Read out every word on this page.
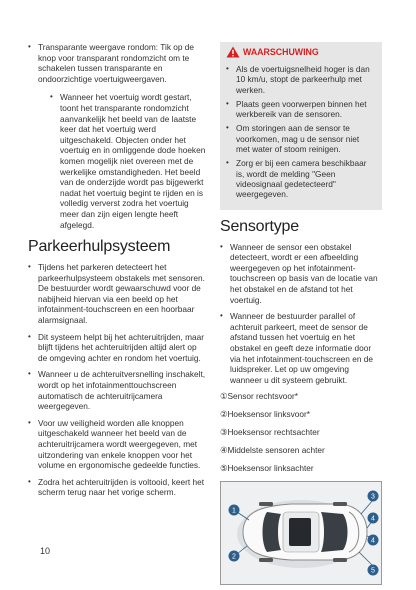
• Transparante weergave rondom: Tik op de knop voor transparant rondomzicht om te schakelen tussen transparante en ondoorzichtige voertuigweergaven.
• Wanneer het voertuig wordt gestart, toont het transparante rondomzicht aanvankelijk het beeld van de laatste keer dat het voertuig werd uitgeschakeld. Objecten onder het voertuig en in omliggende dode hoeken komen mogelijk niet overeen met de werkelijke omstandigheden. Het beeld van de onderzijde wordt pas bijgewerkt nadat het voertuig begint te rijden en is volledig ververst zodra het voertuig meer dan zijn eigen lengte heeft afgelegd.
Parkeerhulpsysteem
• Tijdens het parkeren detecteert het parkeerhulpsysteem obstakels met sensoren. De bestuurder wordt gewaarschuwd voor de nabijheid hiervan via een beeld op het infotainment-touchscreen en een hoorbaar alarmsignaal.
• Dit systeem helpt bij het achteruitrijden, maar blijft tijdens het achteruitrijden altijd alert op de omgeving achter en rondom het voertuig.
• Wanneer u de achteruitversnelling inschakelt, wordt op het infotainmenttouchscreen automatisch de achteruitrijcamera weergegeven.
• Voor uw veiligheid worden alle knoppen uitgeschakeld wanneer het beeld van de achteruitrijcamera wordt weergegeven, met uitzondering van enkele knoppen voor het volume en ergonomische gedeelde functies.
• Zodra het achteruitrijden is voltooid, keert het scherm terug naar het vorige scherm.
WAARSCHUWING
• Als de voertuigsnelheid hoger is dan 10 km/u, stopt de parkeerhulp met werken.
• Plaats geen voorwerpen binnen het werkbereik van de sensoren.
• Om storingen aan de sensor te voorkomen, mag u de sensor niet met water of stoom reinigen.
• Zorg er bij een camera beschikbaar is, wordt de melding "Geen videosignaal gedetecteerd" weergegeven.
Sensortype
• Wanneer de sensor een obstakel detecteert, wordt er een afbeelding weergegeven op het infotainment-touchscreen op basis van de locatie van het obstakel en de afstand tot het voertuig.
• Wanneer de bestuurder parallel of achteruit parkeert, meet de sensor de afstand tussen het voertuig en het obstakel en geeft deze informatie door via het infotainment-touchscreen en de luidspreker. Let op uw omgeving wanneer u dit systeem gebruikt.
①Sensor rechtsvoor*
②Hoeksensor linksvoor*
③Hoeksensor rechtsachter
④Middelste sensoren achter
⑤Hoeksensor linksachter
1
2
3
4
4
5
10
